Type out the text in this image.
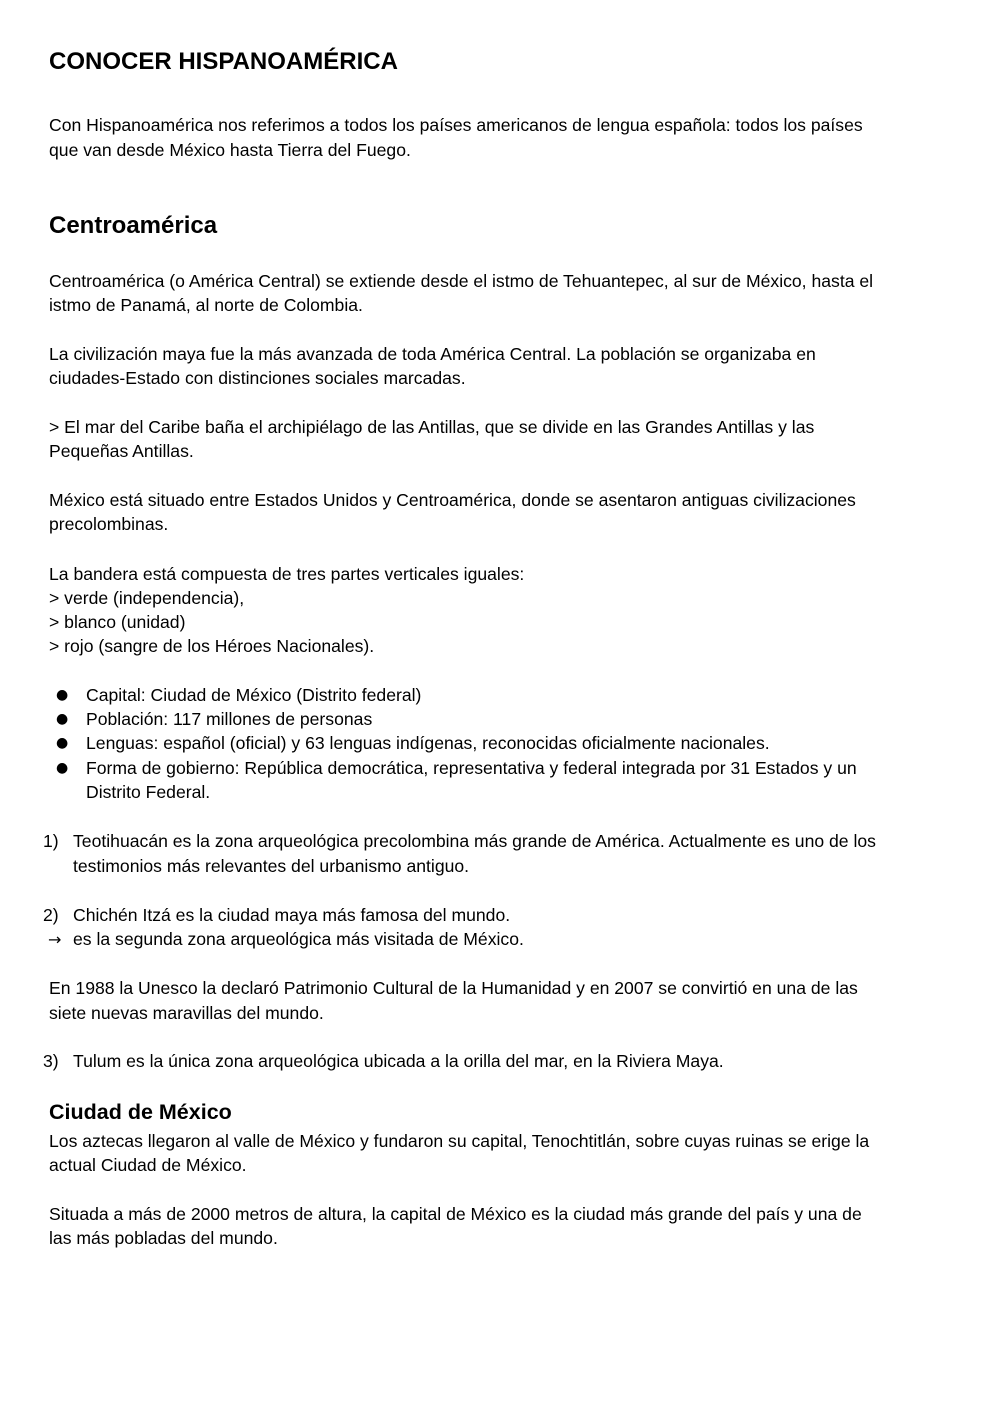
CONOCER HISPANOAMÉRICA

Con Hispanoamérica nos referimos a todos los países americanos de lengua española: todos los países

que van desde México hasta Tierra del Fuego.

Centroamérica

Centroamérica (o América Central) se extiende desde el istmo de Tehuantepec, al sur de México, hasta el

istmo de Panamá, al norte de Colombia.

La civilización maya fue la más avanzada de toda América Central. La población se organizaba en

ciudades-Estado con distinciones sociales marcadas.

> El mar del Caribe baña el archipiélago de las Antillas, que se divide en las Grandes Antillas y las

Pequeñas Antillas.

México está situado entre Estados Unidos y Centroamérica, donde se asentaron antiguas civilizaciones

precolombinas.

La bandera está compuesta de tres partes verticales iguales:

> verde (independencia),

> blanco (unidad)

> rojo (sangre de los Héroes Nacionales).

● Capital: Ciudad de México (Distrito federal)

● Población: 117 millones de personas

● Lenguas: español (oficial) y 63 lenguas indígenas, reconocidas oficialmente nacionales.

● Forma de gobierno: República democrática, representativa y federal integrada por 31 Estados y un

Distrito Federal.

1) Teotihuacán es la zona arqueológica precolombina más grande de América. Actualmente es uno de los

testimonios más relevantes del urbanismo antiguo.

2) Chichén Itzá es la ciudad maya más famosa del mundo.

→ es la segunda zona arqueológica más visitada de México.

En 1988 la Unesco la declaró Patrimonio Cultural de la Humanidad y en 2007 se convirtió en una de las

siete nuevas maravillas del mundo.

3) Tulum es la única zona arqueológica ubicada a la orilla del mar, en la Riviera Maya.

Ciudad de México

Los aztecas llegaron al valle de México y fundaron su capital, Tenochtitlán, sobre cuyas ruinas se erige la

actual Ciudad de México.

Situada a más de 2000 metros de altura, la capital de México es la ciudad más grande del país y una de

las más pobladas del mundo.
